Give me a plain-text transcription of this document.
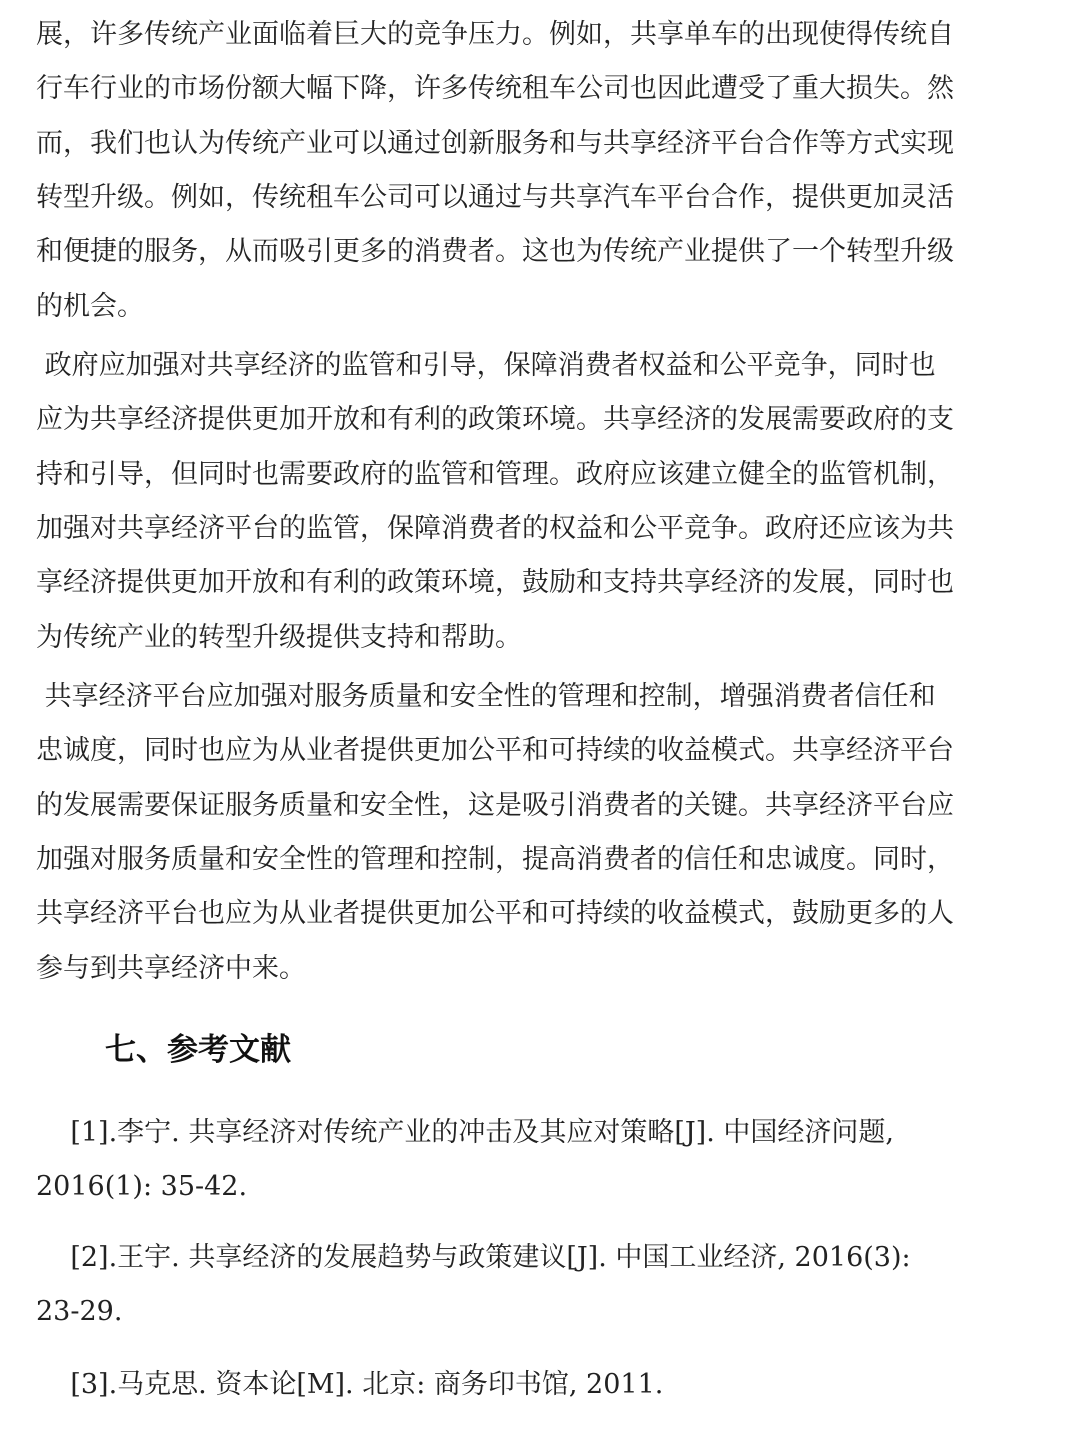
展，许多传统产业面临着巨大的竞争压力。例如，共享单车的出现使得传统自
行车行业的市场份额大幅下降，许多传统租车公司也因此遭受了重大损失。然
而，我们也认为传统产业可以通过创新服务和与共享经济平台合作等方式实现
转型升级。例如，传统租车公司可以通过与共享汽车平台合作，提供更加灵活
和便捷的服务，从而吸引更多的消费者。这也为传统产业提供了一个转型升级
的机会。
政府应加强对共享经济的监管和引导，保障消费者权益和公平竞争，同时也
应为共享经济提供更加开放和有利的政策环境。共享经济的发展需要政府的支
持和引导，但同时也需要政府的监管和管理。政府应该建立健全的监管机制，
加强对共享经济平台的监管，保障消费者的权益和公平竞争。政府还应该为共
享经济提供更加开放和有利的政策环境，鼓励和支持共享经济的发展，同时也
为传统产业的转型升级提供支持和帮助。
共享经济平台应加强对服务质量和安全性的管理和控制，增强消费者信任和
忠诚度，同时也应为从业者提供更加公平和可持续的收益模式。共享经济平台
的发展需要保证服务质量和安全性，这是吸引消费者的关键。共享经济平台应
加强对服务质量和安全性的管理和控制，提高消费者的信任和忠诚度。同时，
共享经济平台也应为从业者提供更加公平和可持续的收益模式，鼓励更多的人
参与到共享经济中来。
[1].李宁. 共享经济对传统产业的冲击及其应对策略[J]. 中国经济问题,
2016(1): 35-42.
[2].王宇. 共享经济的发展趋势与政策建议[J]. 中国工业经济, 2016(3):
23-29.
[3].马克思. 资本论[M]. 北京: 商务印书馆, 2011.
七、参考文献
